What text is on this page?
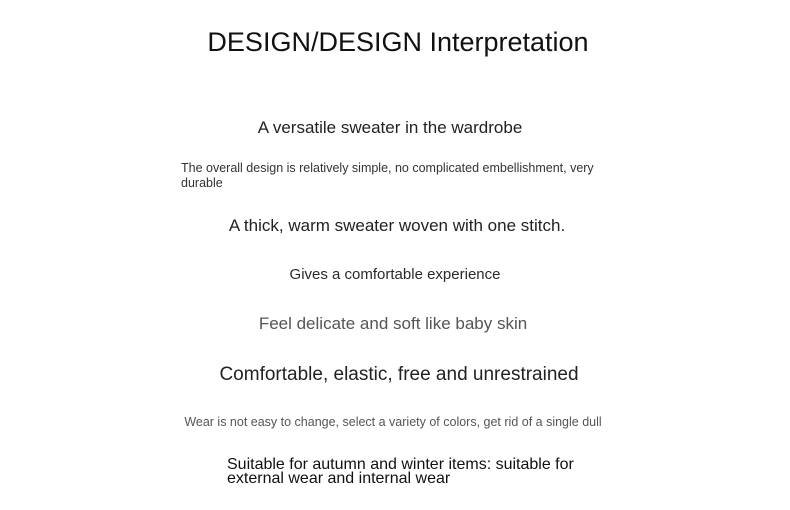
DESIGN/DESIGN Interpretation
A versatile sweater in the wardrobe
The overall design is relatively simple, no complicated embellishment, very durable
A thick, warm sweater woven with one stitch.
Gives a comfortable experience
Feel delicate and soft like baby skin
Comfortable, elastic, free and unrestrained
Wear is not easy to change, select a variety of colors, get rid of a single dull
Suitable for autumn and winter items: suitable for external wear and internal wear
